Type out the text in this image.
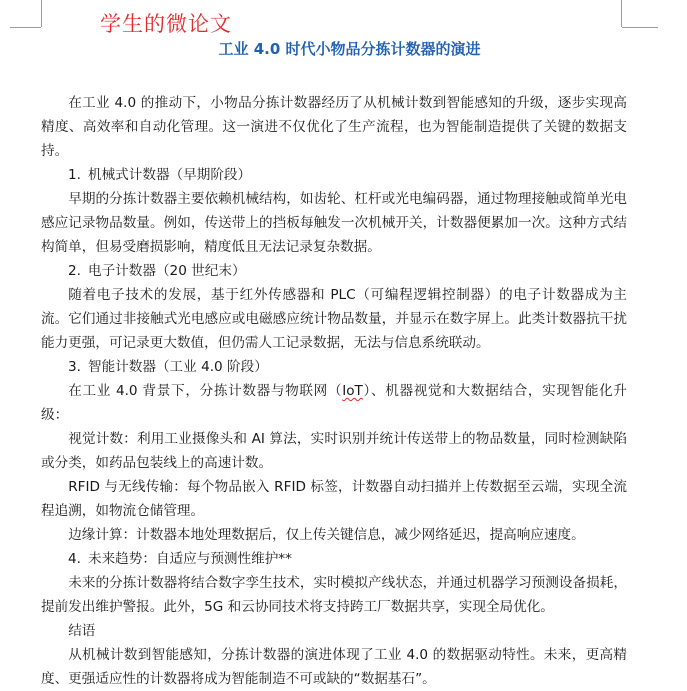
学生的微论文
工业 4.0 时代小物品分拣计数器的演进

在工业 4.0 的推动下，小物品分拣计数器经历了从机械计数到智能感知的升级，逐步实现高精度、高效率和自动化管理。这一演进不仅优化了生产流程，也为智能制造提供了关键的数据支持。

1. 机械式计数器（早期阶段）

早期的分拣计数器主要依赖机械结构，如齿轮、杠杆或光电编码器，通过物理接触或简单光电感应记录物品数量。例如，传送带上的挡板每触发一次机械开关，计数器便累加一次。这种方式结构简单，但易受磨损影响，精度低且无法记录复杂数据。

2. 电子计数器（20 世纪末）

随着电子技术的发展，基于红外传感器和 PLC（可编程逻辑控制器）的电子计数器成为主流。它们通过非接触式光电感应或电磁感应统计物品数量，并显示在数字屏上。此类计数器抗干扰能力更强，可记录更大数值，但仍需人工记录数据，无法与信息系统联动。

3. 智能计数器（工业 4.0 阶段）

在工业 4.0 背景下，分拣计数器与物联网（IoT）、机器视觉和大数据结合，实现智能化升级：

视觉计数：利用工业摄像头和 AI 算法，实时识别并统计传送带上的物品数量，同时检测缺陷或分类，如药品包装线上的高速计数。

RFID 与无线传输：每个物品嵌入 RFID 标签，计数器自动扫描并上传数据至云端，实现全流程追溯，如物流仓储管理。

边缘计算：计数器本地处理数据后，仅上传关键信息，减少网络延迟，提高响应速度。

4. 未来趋势：自适应与预测性维护**

未来的分拣计数器将结合数字孪生技术，实时模拟产线状态，并通过机器学习预测设备损耗，提前发出维护警报。此外，5G 和云协同技术将支持跨工厂数据共享，实现全局优化。

结语

从机械计数到智能感知，分拣计数器的演进体现了工业 4.0 的数据驱动特性。未来，更高精度、更强适应性的计数器将成为智能制造不可或缺的“数据基石”。
